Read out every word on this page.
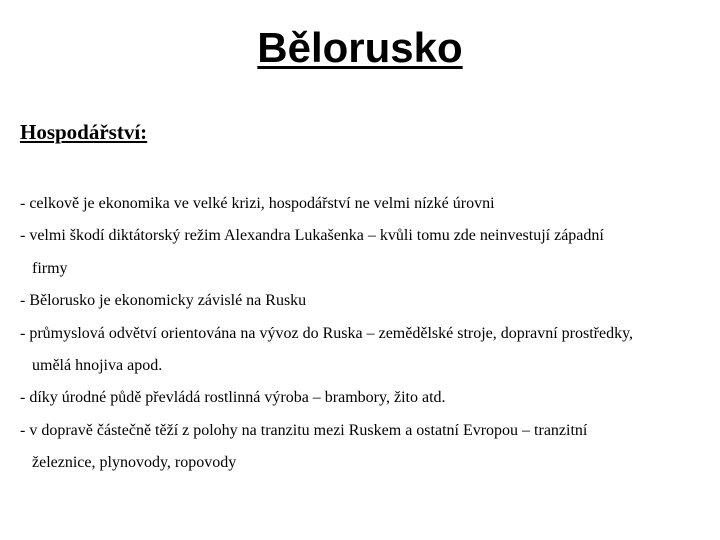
Bělorusko
Hospodářství:
- celkově je ekonomika ve velké krizi, hospodářství ne velmi nízké úrovni
- velmi škodí diktátorský režim Alexandra Lukašenka – kvůli tomu zde neinvestují západní
firmy
- Bělorusko je ekonomicky závislé na Rusku
- průmyslová odvětví orientována na vývoz do Ruska – zemědělské stroje, dopravní prostředky,
umělá hnojiva apod.
- díky úrodné půdě převládá rostlinná výroba – brambory, žito atd.
- v dopravě částečně těží z polohy na tranzitu mezi Ruskem a ostatní Evropou – tranzitní
železnice, plynovody, ropovody
